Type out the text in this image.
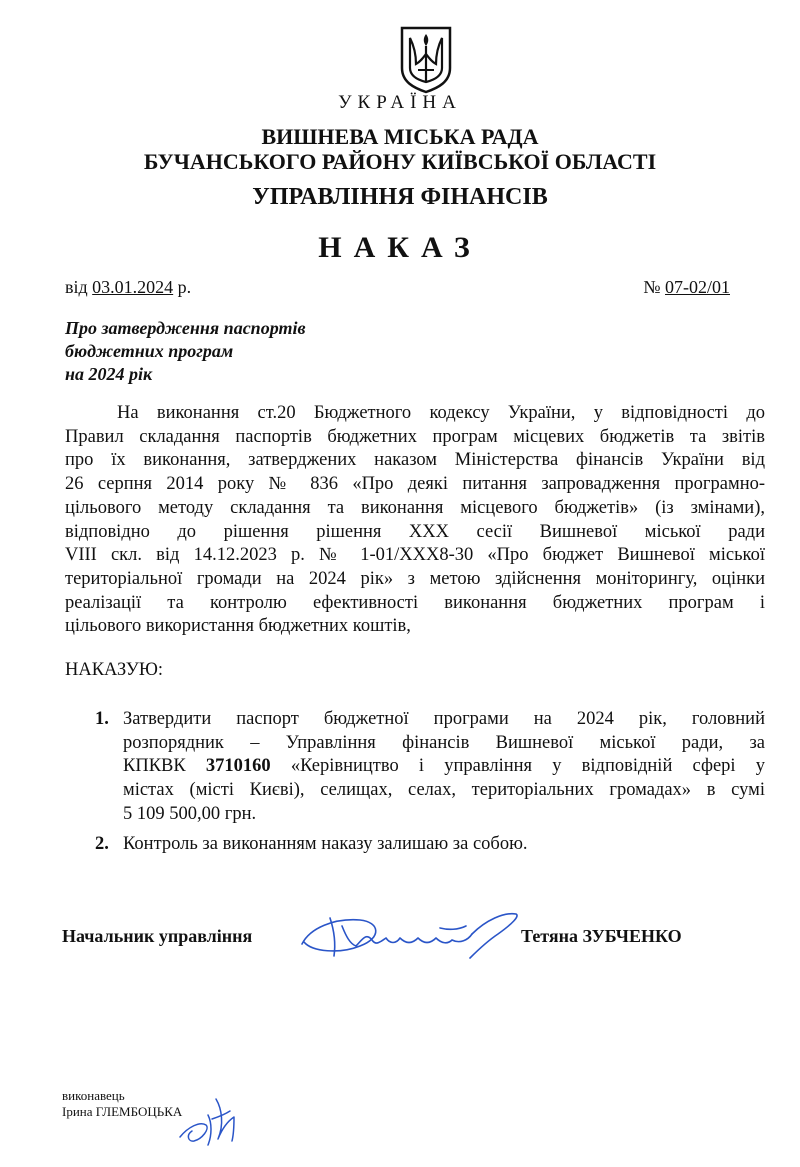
УКРАЇНА
ВИШНЕВА МІСЬКА РАДА
БУЧАНСЬКОГО РАЙОНУ КИЇВСЬКОЇ ОБЛАСТІ
УПРАВЛІННЯ ФІНАНСІВ
НАКАЗ
від 03.01.2024 р.	№ 07-02/01
Про затвердження паспортів
бюджетних програм
на 2024 рік
На виконання ст.20 Бюджетного кодексу України, у відповідності до
Правил складання паспортів бюджетних програм місцевих бюджетів та звітів
про їх виконання, затверджених наказом Міністерства фінансів України від
26 серпня 2014 року № 836 «Про деякі питання запровадження програмно-
цільового методу складання та виконання місцевого бюджетів» (із змінами),
відповідно до рішення рішення ХХХ сесії Вишневої міської ради
VIII скл. від 14.12.2023 р. № 1-01/ХХХ8-30 «Про бюджет Вишневої міської
територіальної громади на 2024 рік» з метою здійснення моніторингу, оцінки
реалізації та контролю ефективності виконання бюджетних програм і
цільового використання бюджетних коштів,
НАКАЗУЮ:
1. Затвердити паспорт бюджетної програми на 2024 рік, головний
розпорядник – Управління фінансів Вишневої міської ради, за
КПКВК 3710160 «Керівництво і управління у відповідній сфері у
містах (місті Києві), селищах, селах, територіальних громадах» в сумі
5 109 500,00 грн.
2. Контроль за виконанням наказу залишаю за собою.
Начальник управління	Тетяна ЗУБЧЕНКО
виконавець
Ірина ГЛЕМБОЦЬКА
